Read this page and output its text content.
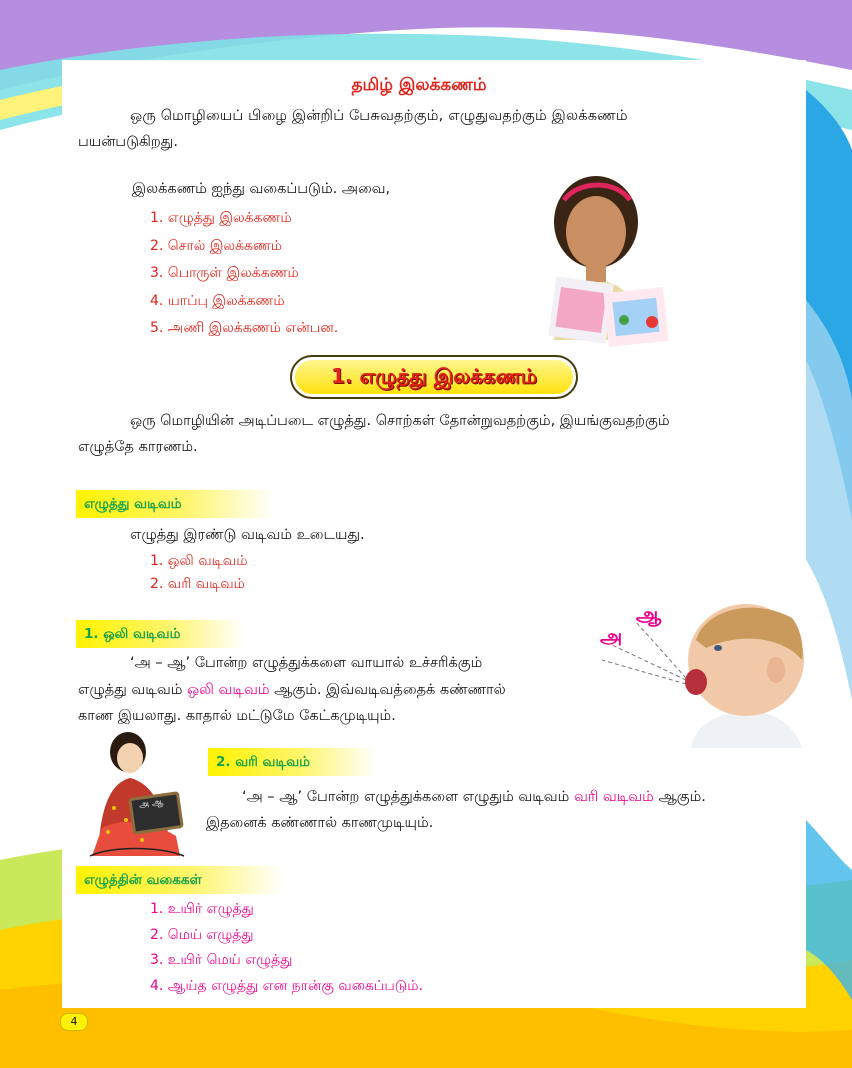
தமிழ் இலக்கணம்
ஒரு மொழியைப் பிழை இன்றிப் பேசுவதற்கும், எழுதுவதற்கும் இலக்கணம்
பயன்படுகிறது.
இலக்கணம் ஐந்து வகைப்படும். அவை,
1. எழுத்து இலக்கணம்
2. சொல் இலக்கணம்
3. பொருள் இலக்கணம்
4. யாப்பு இலக்கணம்
5. அணி இலக்கணம் என்பன.
1. எழுத்து இலக்கணம்
ஒரு மொழியின் அடிப்படை எழுத்து. சொற்கள் தோன்றுவதற்கும், இயங்குவதற்கும்
எழுத்தே காரணம்.
எழுத்து வடிவம்
எழுத்து இரண்டு வடிவம் உடையது.
1. ஒலி வடிவம்
2. வரி வடிவம்
1. ஒலி வடிவம்
‘அ – ஆ’ போன்ற எழுத்துக்களை வாயால் உச்சரிக்கும்
எழுத்து வடிவம் ஒலி வடிவம் ஆகும். இவ்வடிவத்தைக் கண்ணால்
காண இயலாது. காதால் மட்டுமே கேட்கமுடியும்.
ஆ
அ
அ ஆ
2. வரி வடிவம்
‘அ – ஆ’ போன்ற எழுத்துக்களை எழுதும் வடிவம் வரி வடிவம் ஆகும்.
இதனைக் கண்ணால் காணமுடியும்.
எழுத்தின் வகைகள்
1. உயிர் எழுத்து
2. மெய் எழுத்து
3. உயிர் மெய் எழுத்து
4. ஆய்த எழுத்து என நான்கு வகைப்படும்.
4
